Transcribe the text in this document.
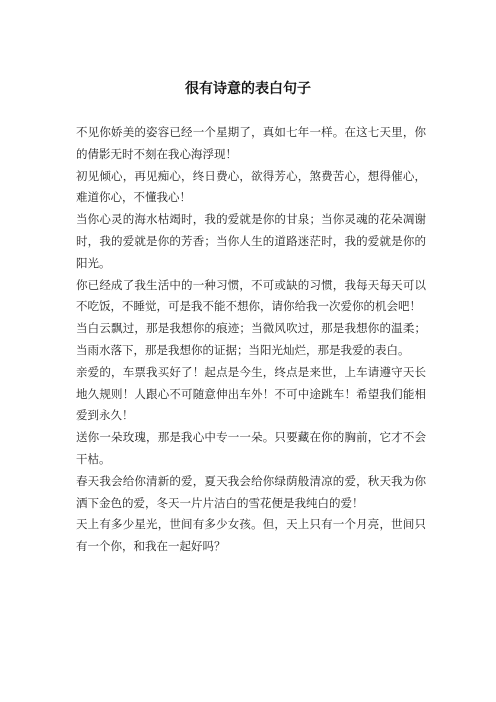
很有诗意的表白句子

不见你娇美的姿容已经一个星期了，真如七年一样。在这七天里，你的倩影无时不刻在我心海浮现！

初见倾心，再见痴心，终日费心，欲得芳心，煞费苦心，想得催心，难道你心，不懂我心！

当你心灵的海水枯竭时，我的爱就是你的甘泉；当你灵魂的花朵凋谢时，我的爱就是你的芳香；当你人生的道路迷茫时，我的爱就是你的阳光。

你已经成了我生活中的一种习惯，不可或缺的习惯，我每天每天可以不吃饭，不睡觉，可是我不能不想你，请你给我一次爱你的机会吧！

当白云飘过，那是我想你的痕迹；当微风吹过，那是我想你的温柔；当雨水落下，那是我想你的证据；当阳光灿烂，那是我爱的表白。

亲爱的，车票我买好了！起点是今生，终点是来世，上车请遵守天长地久规则！人跟心不可随意伸出车外！不可中途跳车！希望我们能相爱到永久！

送你一朵玫瑰，那是我心中专一一朵。只要藏在你的胸前，它才不会干枯。

春天我会给你清新的爱，夏天我会给你绿荫般清凉的爱，秋天我为你洒下金色的爱，冬天一片片洁白的雪花便是我纯白的爱！

天上有多少星光，世间有多少女孩。但，天上只有一个月亮，世间只有一个你，和我在一起好吗？
